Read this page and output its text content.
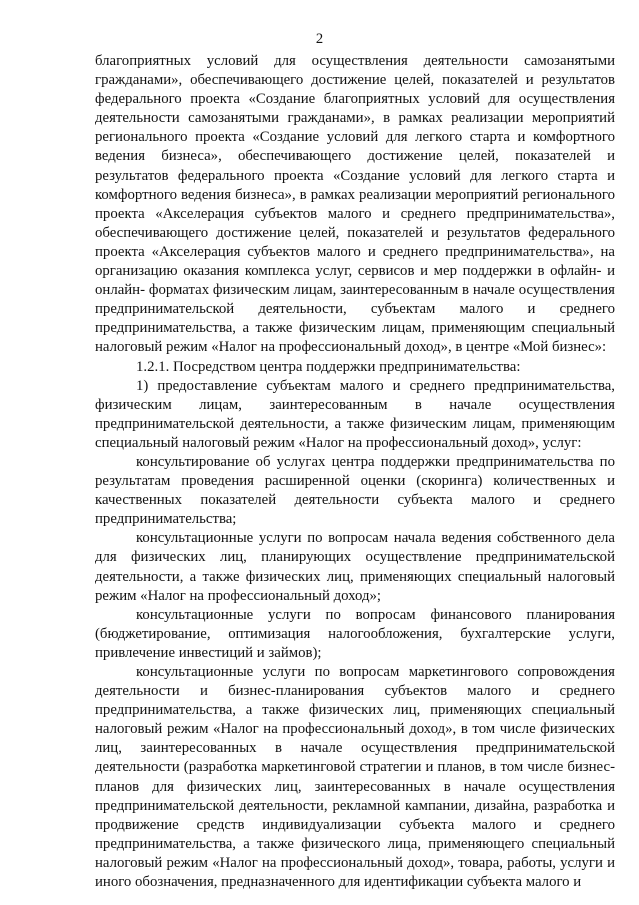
2

благоприятных условий для осуществления деятельности самозанятыми гражданами», обеспечивающего достижение целей, показателей и результатов федерального проекта «Создание благоприятных условий для осуществления деятельности самозанятыми гражданами», в рамках реализации мероприятий регионального проекта «Создание условий для легкого старта и комфортного ведения бизнеса», обеспечивающего достижение целей, показателей и результатов федерального проекта «Создание условий для легкого старта и комфортного ведения бизнеса», в рамках реализации мероприятий регионального проекта «Акселерация субъектов малого и среднего предпринимательства», обеспечивающего достижение целей, показателей и результатов федерального проекта «Акселерация субъектов малого и среднего предпринимательства», на организацию оказания комплекса услуг, сервисов и мер поддержки в офлайн- и онлайн- форматах физическим лицам, заинтересованным в начале осуществления предпринимательской деятельности, субъектам малого и среднего предпринимательства, а также физическим лицам, применяющим специальный налоговый режим «Налог на профессиональный доход», в центре «Мой бизнес»:

1.2.1. Посредством центра поддержки предпринимательства:

1) предоставление субъектам малого и среднего предпринимательства, физическим лицам, заинтересованным в начале осуществления предпринимательской деятельности, а также физическим лицам, применяющим специальный налоговый режим «Налог на профессиональный доход», услуг:

консультирование об услугах центра поддержки предпринимательства по результатам проведения расширенной оценки (скоринга) количественных и качественных показателей деятельности субъекта малого и среднего предпринимательства;

консультационные услуги по вопросам начала ведения собственного дела для физических лиц, планирующих осуществление предпринимательской деятельности, а также физических лиц, применяющих специальный налоговый режим «Налог на профессиональный доход»;

консультационные услуги по вопросам финансового планирования (бюджетирование, оптимизация налогообложения, бухгалтерские услуги, привлечение инвестиций и займов);

консультационные услуги по вопросам маркетингового сопровождения деятельности и бизнес-планирования субъектов малого и среднего предпринимательства, а также физических лиц, применяющих специальный налоговый режим «Налог на профессиональный доход», в том числе физических лиц, заинтересованных в начале осуществления предпринимательской деятельности (разработка маркетинговой стратегии и планов, в том числе бизнес-планов для физических лиц, заинтересованных в начале осуществления предпринимательской деятельности, рекламной кампании, дизайна, разработка и продвижение средств индивидуализации субъекта малого и среднего предпринимательства, а также физического лица, применяющего специальный налоговый режим «Налог на профессиональный доход», товара, работы, услуги и иного обозначения, предназначенного для идентификации субъекта малого и
